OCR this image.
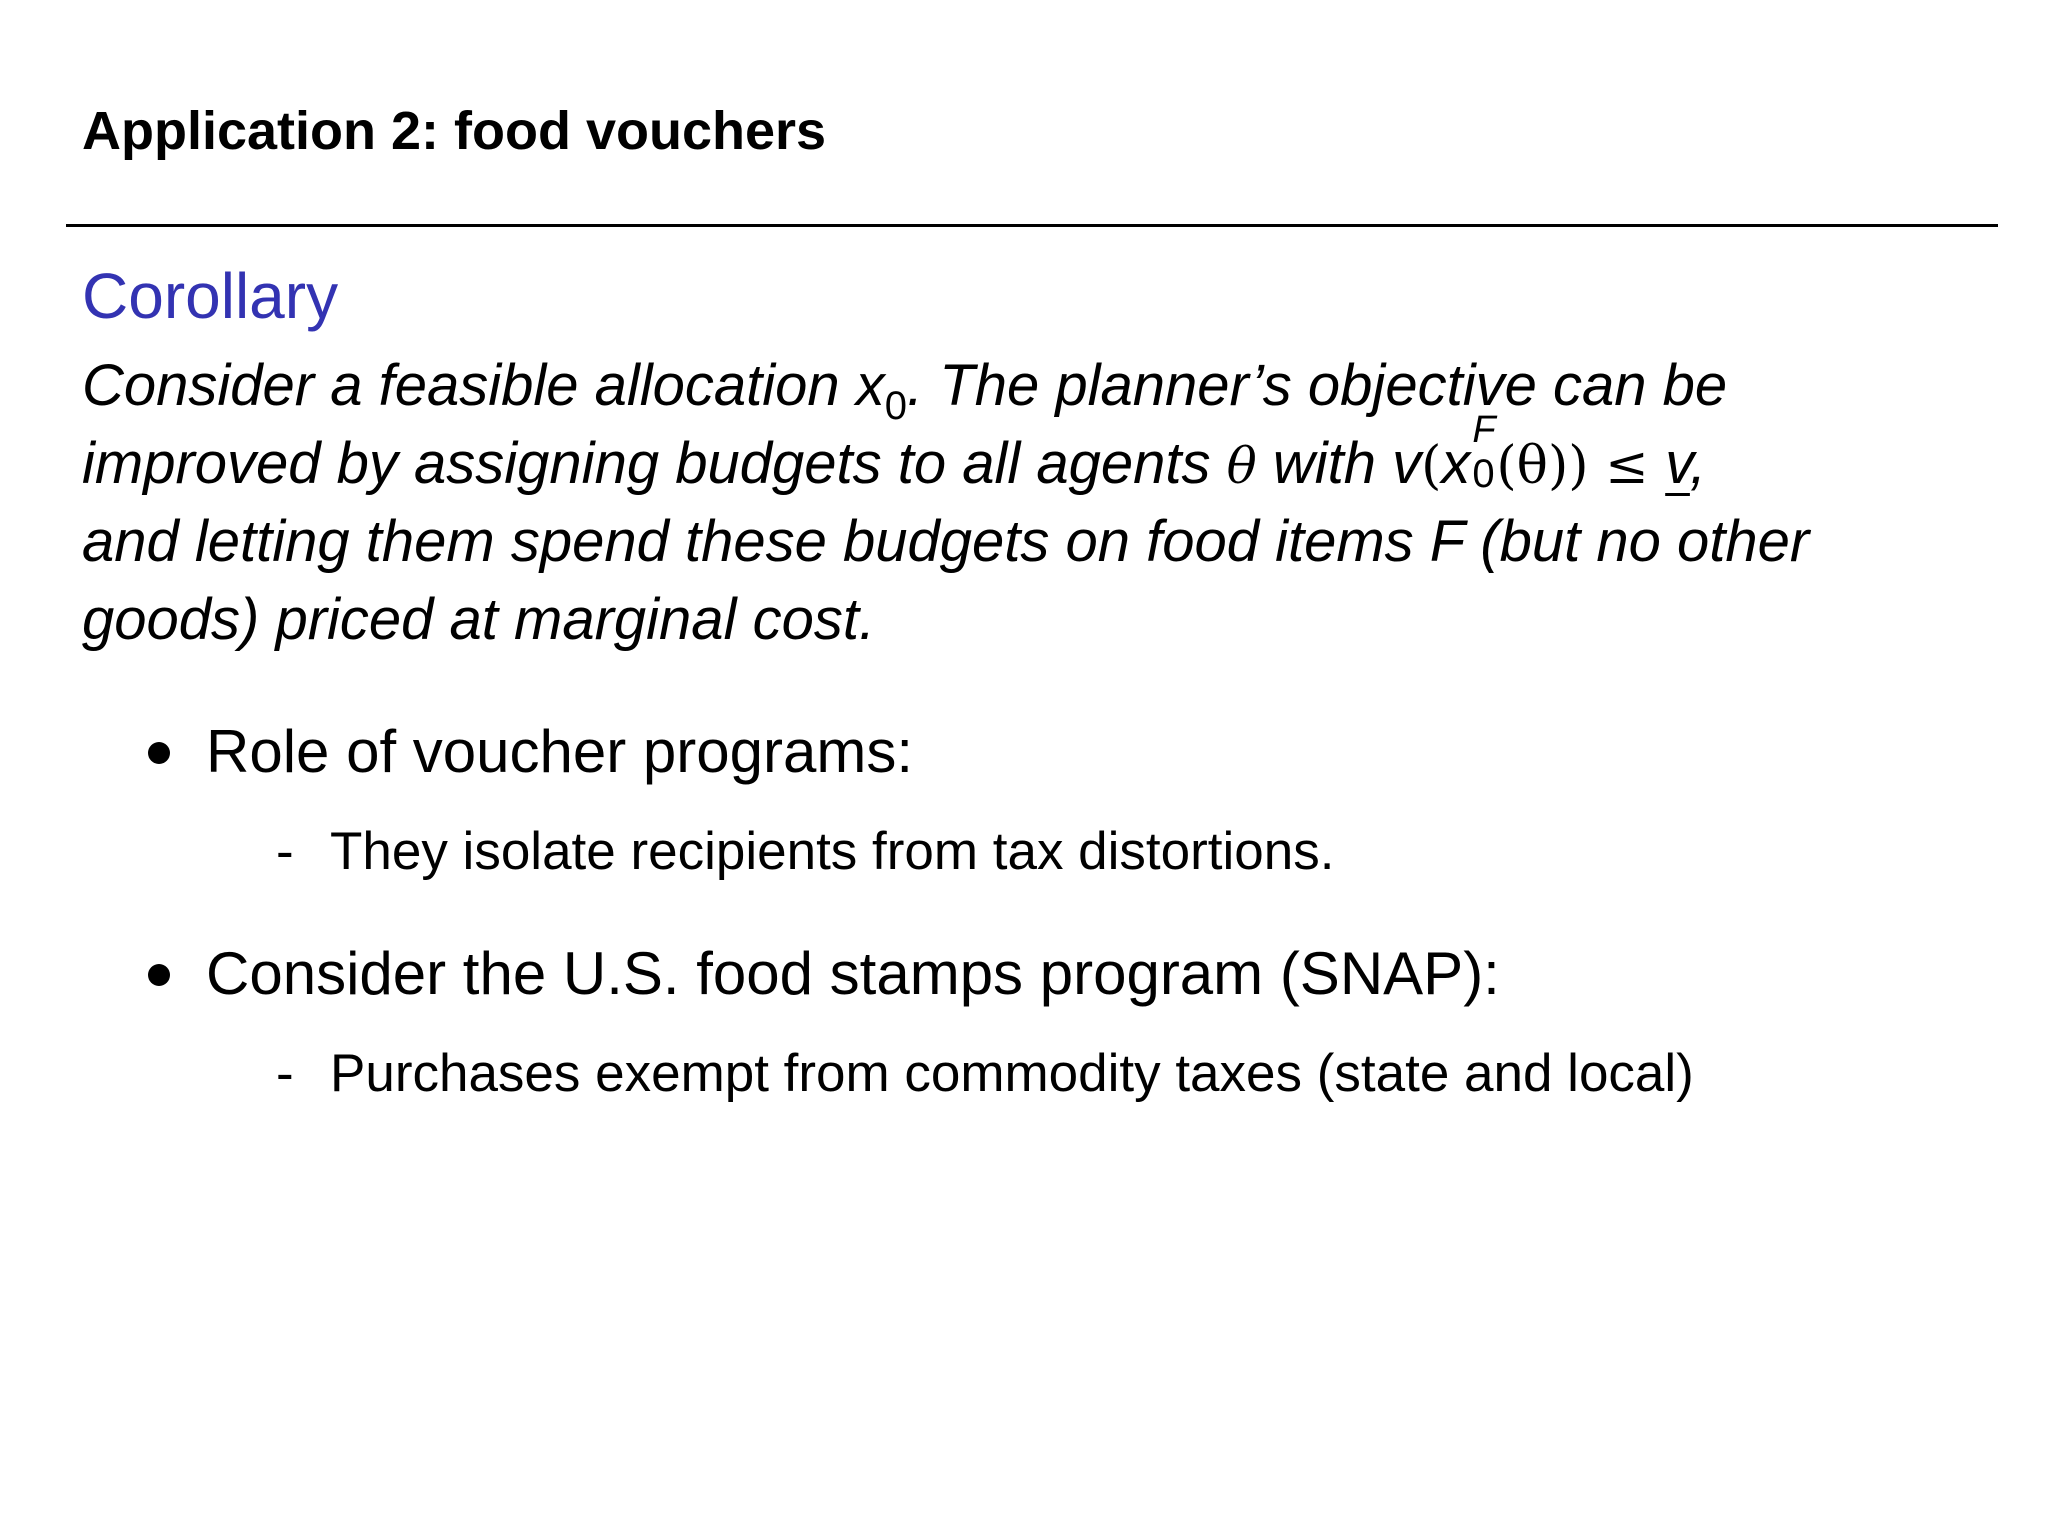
Application 2: food vouchers
Corollary
Consider a feasible allocation $x_0$. The planner’s objective can be
improved by assigning budgets to all agents θ with v(x
F
0 (θ)) ≤ v,
and letting them spend these budgets on food items F (but no other
goods) priced at marginal cost.
Role of voucher programs:
- They isolate recipients from tax distortions.
Consider the U.S. food stamps program (SNAP):
- Purchases exempt from commodity taxes (state and local)
